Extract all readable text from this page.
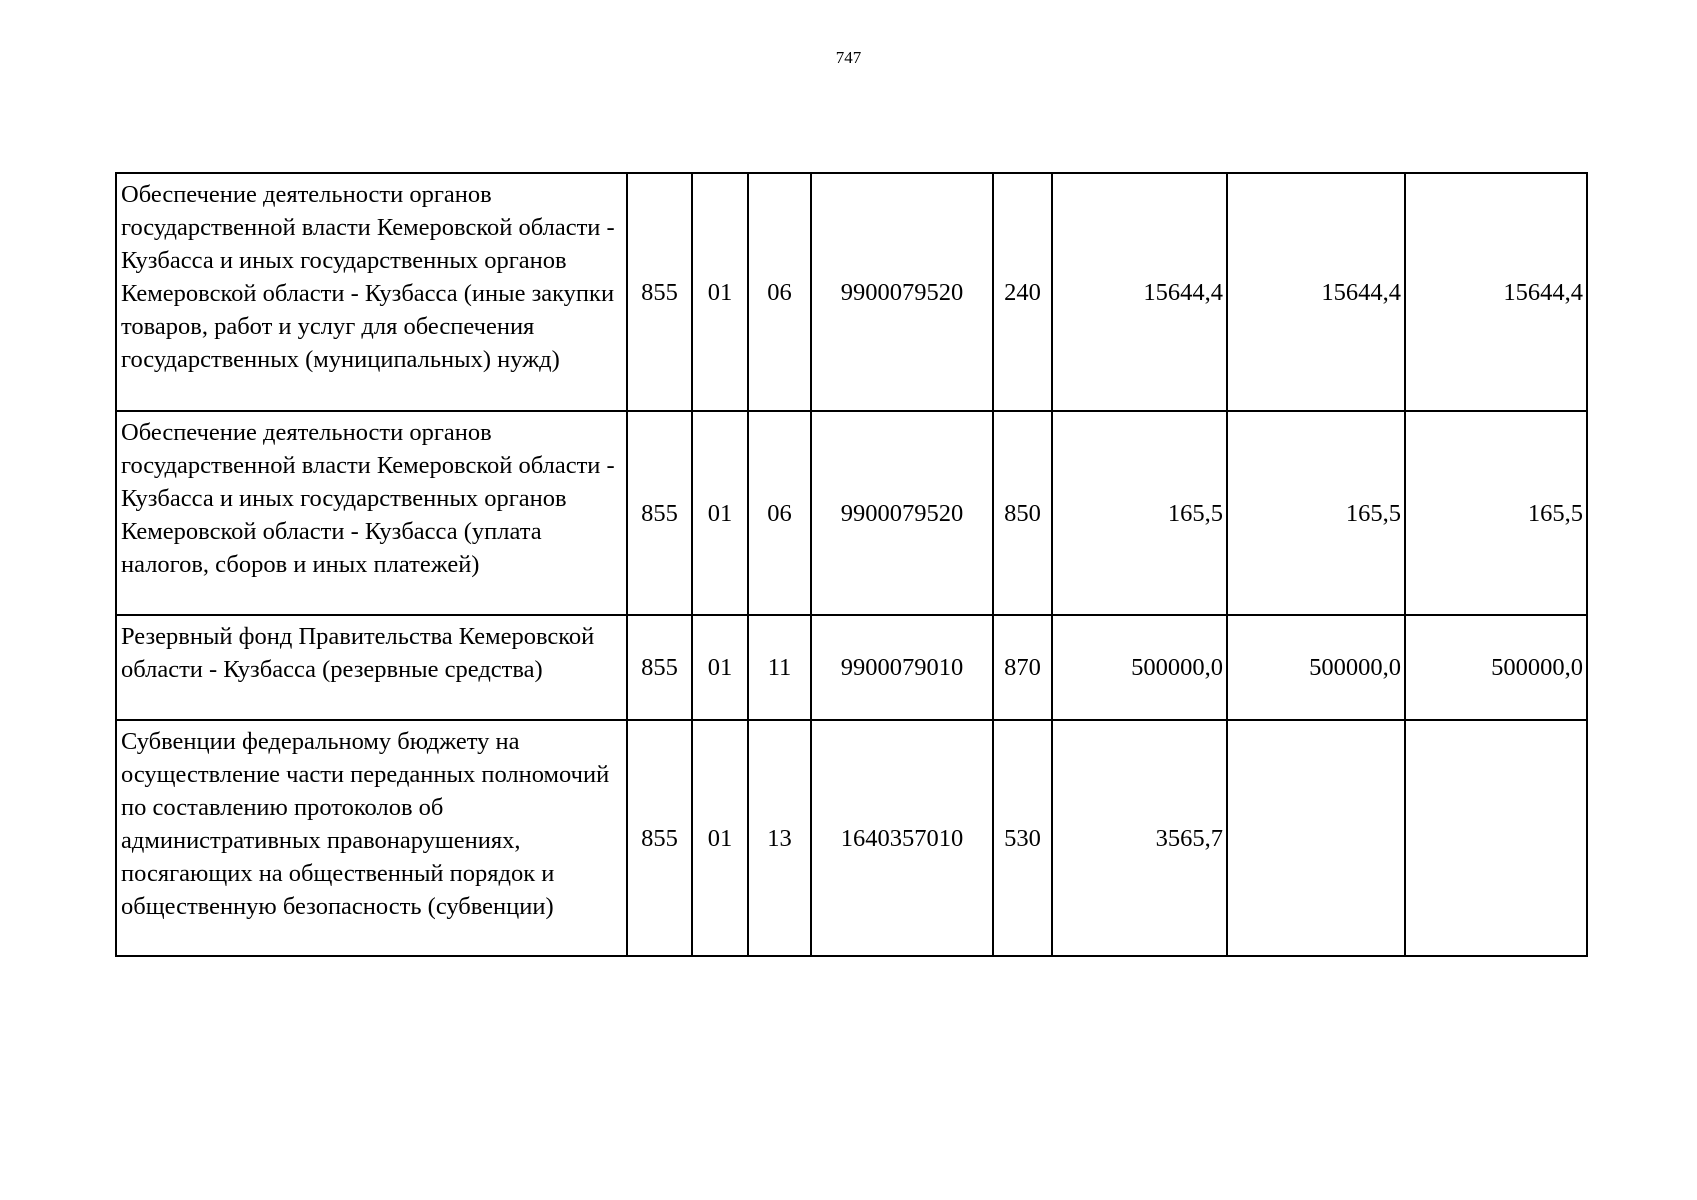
747
Обеспечение деятельности органов государственной власти Кемеровской области - Кузбасса и иных государственных органов Кемеровской области - Кузбасса (иные закупки товаров, работ и услуг для обеспечения государственных (муниципальных) нужд)	855	01	06	9900079520	240	15644,4	15644,4	15644,4
Обеспечение деятельности органов государственной власти Кемеровской области - Кузбасса и иных государственных органов Кемеровской области - Кузбасса (уплата налогов, сборов и иных платежей)	855	01	06	9900079520	850	165,5	165,5	165,5
Резервный фонд Правительства Кемеровской области - Кузбасса (резервные средства)	855	01	11	9900079010	870	500000,0	500000,0	500000,0
Субвенции федеральному бюджету на осуществление части переданных полномочий по составлению протоколов об административных правонарушениях, посягающих на общественный порядок и общественную безопасность (субвенции)	855	01	13	1640357010	530	3565,7		
